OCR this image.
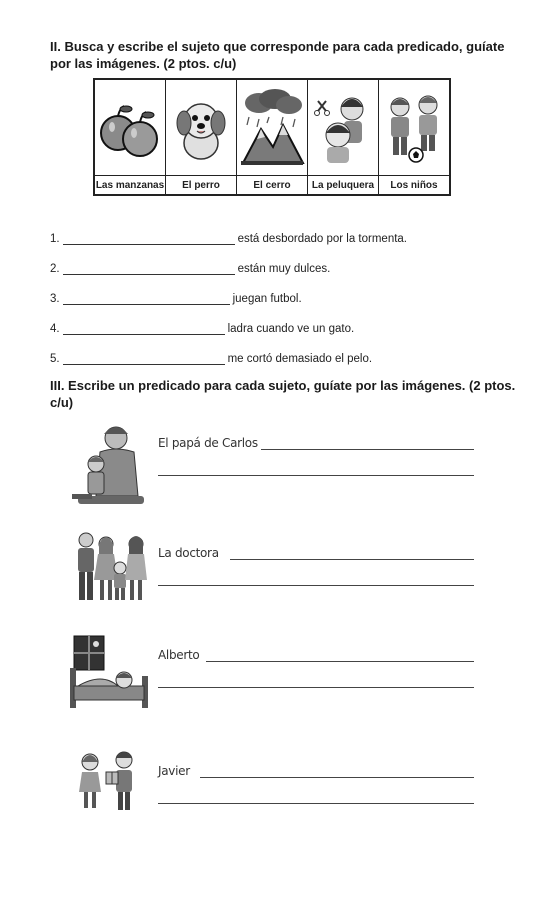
II. Busca y escribe el sujeto que corresponde para cada predicado, guíate por las imágenes. (2 ptos. c/u)
Las manzanas	El perro	El cerro	La peluquera	Los niños
1.	está desbordado por la tormenta.
2.	están muy dulces.
3.	juegan futbol.
4.	ladra cuando ve un gato.
5.	me cortó demasiado el pelo.
III. Escribe un predicado para cada sujeto, guíate por las imágenes. (2 ptos. c/u)
El papá de Carlos
La doctora
Alberto
Javier
